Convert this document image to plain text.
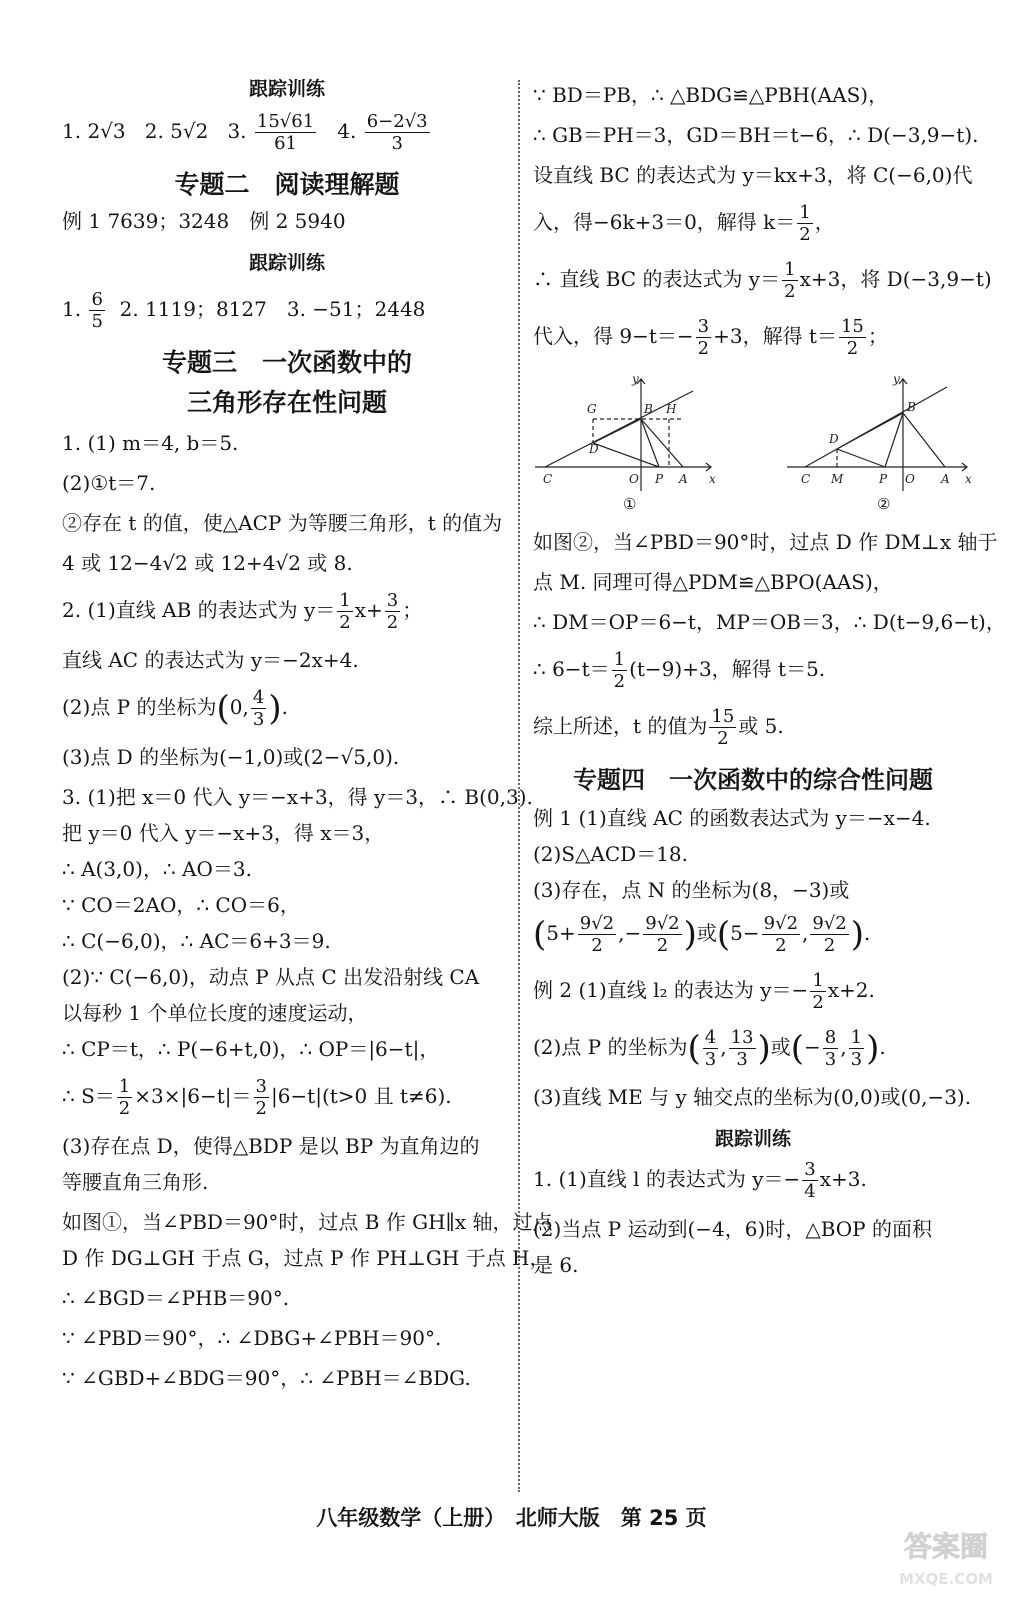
跟踪训练
1. 2√3 2. 5√2 3. $\frac{15√61}{61} 4$. $\frac{6-2√3}{3}$
专题二　阅读理解题
例 1 7639；3248　例 2 5940
跟踪训练
1. $\frac{6}{5} 2$. 1119；8127　3. −51；2448
专题三　一次函数中的
三角形存在性问题
1. (1) m＝4, b＝5.
(2)①t＝7.
②存在 t 的值，使△ACP 为等腰三角形，t 的值为
4 或 12−4√2 或 12+4√2 或 8.
2. (1)直线 AB 的表达式为 $y= \frac{1}{2} x+ \frac{3}{2}$ ；
直线 AC 的表达式为 y＝−2x+4.
(2)点 P 的坐标为(0, $\frac{4}{3}$ ).
(3)点 D 的坐标为(−1,0)或(2−√5,0).
3. (1)把 x＝0 代入 y＝−x+3，得 y＝3，∴ B(0,3).
把 y＝0 代入 y＝−x+3，得 x＝3，
∴ A(3,0)，∴ AO＝3.
∵ CO＝2AO，∴ CO＝6，
∴ C(−6,0)，∴ AC＝6+3＝9.
(2)∵ C(−6,0)，动点 P 从点 C 出发沿射线 CA
以每秒 1 个单位长度的速度运动，
∴ CP＝t，∴ P(−6+t,0)，∴ OP＝|6−t|，
∴ $S= \frac{1}{2} \times 3\times|6-t|= \frac{3}{2} |6-t|(t>0$ 且 t≠6).
(3)存在点 D，使得△BDP 是以 BP 为直角边的
等腰直角三角形.
如图①，当∠PBD＝90°时，过点 B 作 GH∥x 轴，过点
D 作 DG⊥GH 于点 G，过点 P 作 PH⊥GH 于点 H，
∴ ∠BGD＝∠PHB＝90°.
∵ ∠PBD＝90°，∴ ∠DBG+∠PBH＝90°.
∵ ∠GBD+∠BDG＝90°，∴ ∠PBH＝∠BDG.
∵ BD＝PB，∴ △BDG≌△PBH(AAS)，
∴ GB＝PH＝3，GD＝BH＝t−6，∴ D(−3,9−t).
设直线 BC 的表达式为 y＝kx+3，将 C(−6,0)代
入，得−6k+3＝0，解得 $k= \frac{1}{2}$ ，
∴ 直线 BC 的表达式为 $y= \frac{1}{2} x+3$，将 D(−3,9−t)
代入，得 $9-t=- \frac{3}{2} +3$，解得 $t= \frac{15}{2}$ ；
y
G	B H
D
C	O P A x
①
y
B
D
C M	P O A x
②
如图②，当∠PBD＝90°时，过点 D 作 DM⊥x 轴于
点 M. 同理可得△PDM≌△BPO(AAS)，
∴ DM＝OP＝6−t，MP＝OB＝3，∴ D(t−9,6−t)，
∴ $6-t= \frac{1}{2} (t-9)+3$，解得 t＝5.
综上所述，t 的值为 $\frac{15}{2}$ 或 5.
专题四　一次函数中的综合性问题
例 1 (1)直线 AC 的函数表达式为 y＝−x−4.
(2)S△ACD＝18.
(3)存在，点 N 的坐标为(8，−3)或
($5+ \frac{9√2}{2}$ ,− $\frac{9√2}{2}$ )或($5- \frac{9√2}{2}$ , $\frac{9√2}{2}$ ).
例 2 (1)直线 l₂ 的表达为 $y=- \frac{1}{2} x+2$.
(2)点 P 的坐标为( $\frac{4}{3}$ , $\frac{13}{3}$ )或(− $\frac{8}{3}$ , $\frac{1}{3}$ ).
(3)直线 ME 与 y 轴交点的坐标为(0,0)或(0,−3).
跟踪训练
1. (1)直线 l 的表达式为 $y=- \frac{3}{4} x+3$.
(2)当点 P 运动到(−4，6)时，△BOP 的面积
是 6.
八年级数学（上册）　北师大版　第 25 页
答案圈
MXQE.COM
